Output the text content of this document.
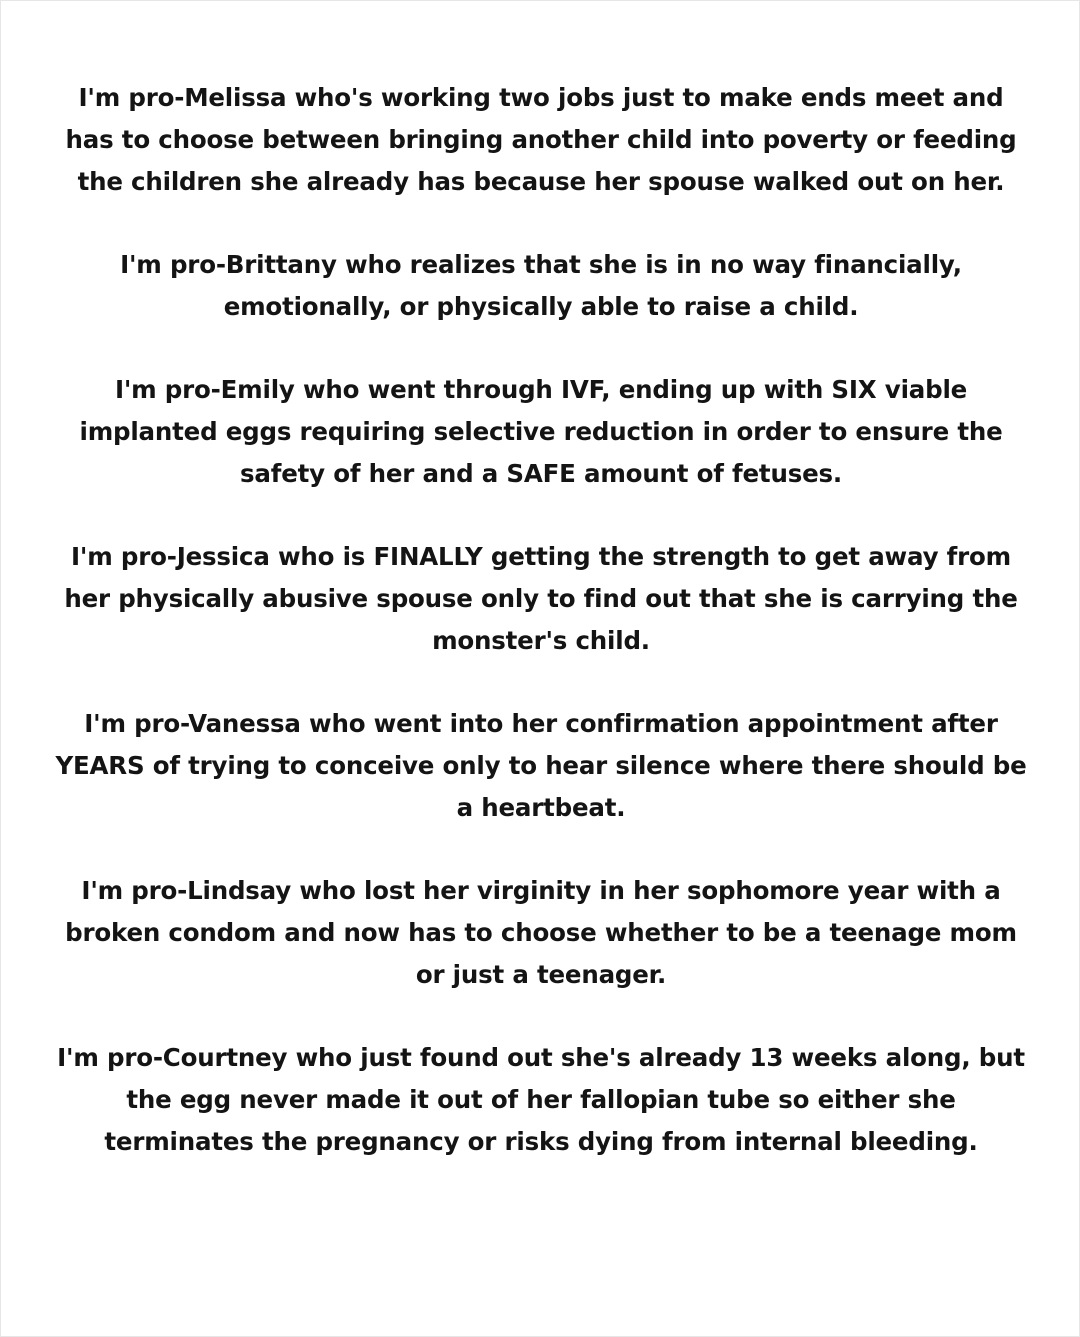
I'm pro-Melissa who's working two jobs just to make ends meet and has to choose between bringing another child into poverty or feeding the children she already has because her spouse walked out on her.

I'm pro-Brittany who realizes that she is in no way financially, emotionally, or physically able to raise a child.

I'm pro-Emily who went through IVF, ending up with SIX viable implanted eggs requiring selective reduction in order to ensure the safety of her and a SAFE amount of fetuses.

I'm pro-Jessica who is FINALLY getting the strength to get away from her physically abusive spouse only to find out that she is carrying the monster's child.

I'm pro-Vanessa who went into her confirmation appointment after YEARS of trying to conceive only to hear silence where there should be a heartbeat.

I'm pro-Lindsay who lost her virginity in her sophomore year with a broken condom and now has to choose whether to be a teenage mom or just a teenager.

I'm pro-Courtney who just found out she's already 13 weeks along, but the egg never made it out of her fallopian tube so either she terminates the pregnancy or risks dying from internal bleeding.
